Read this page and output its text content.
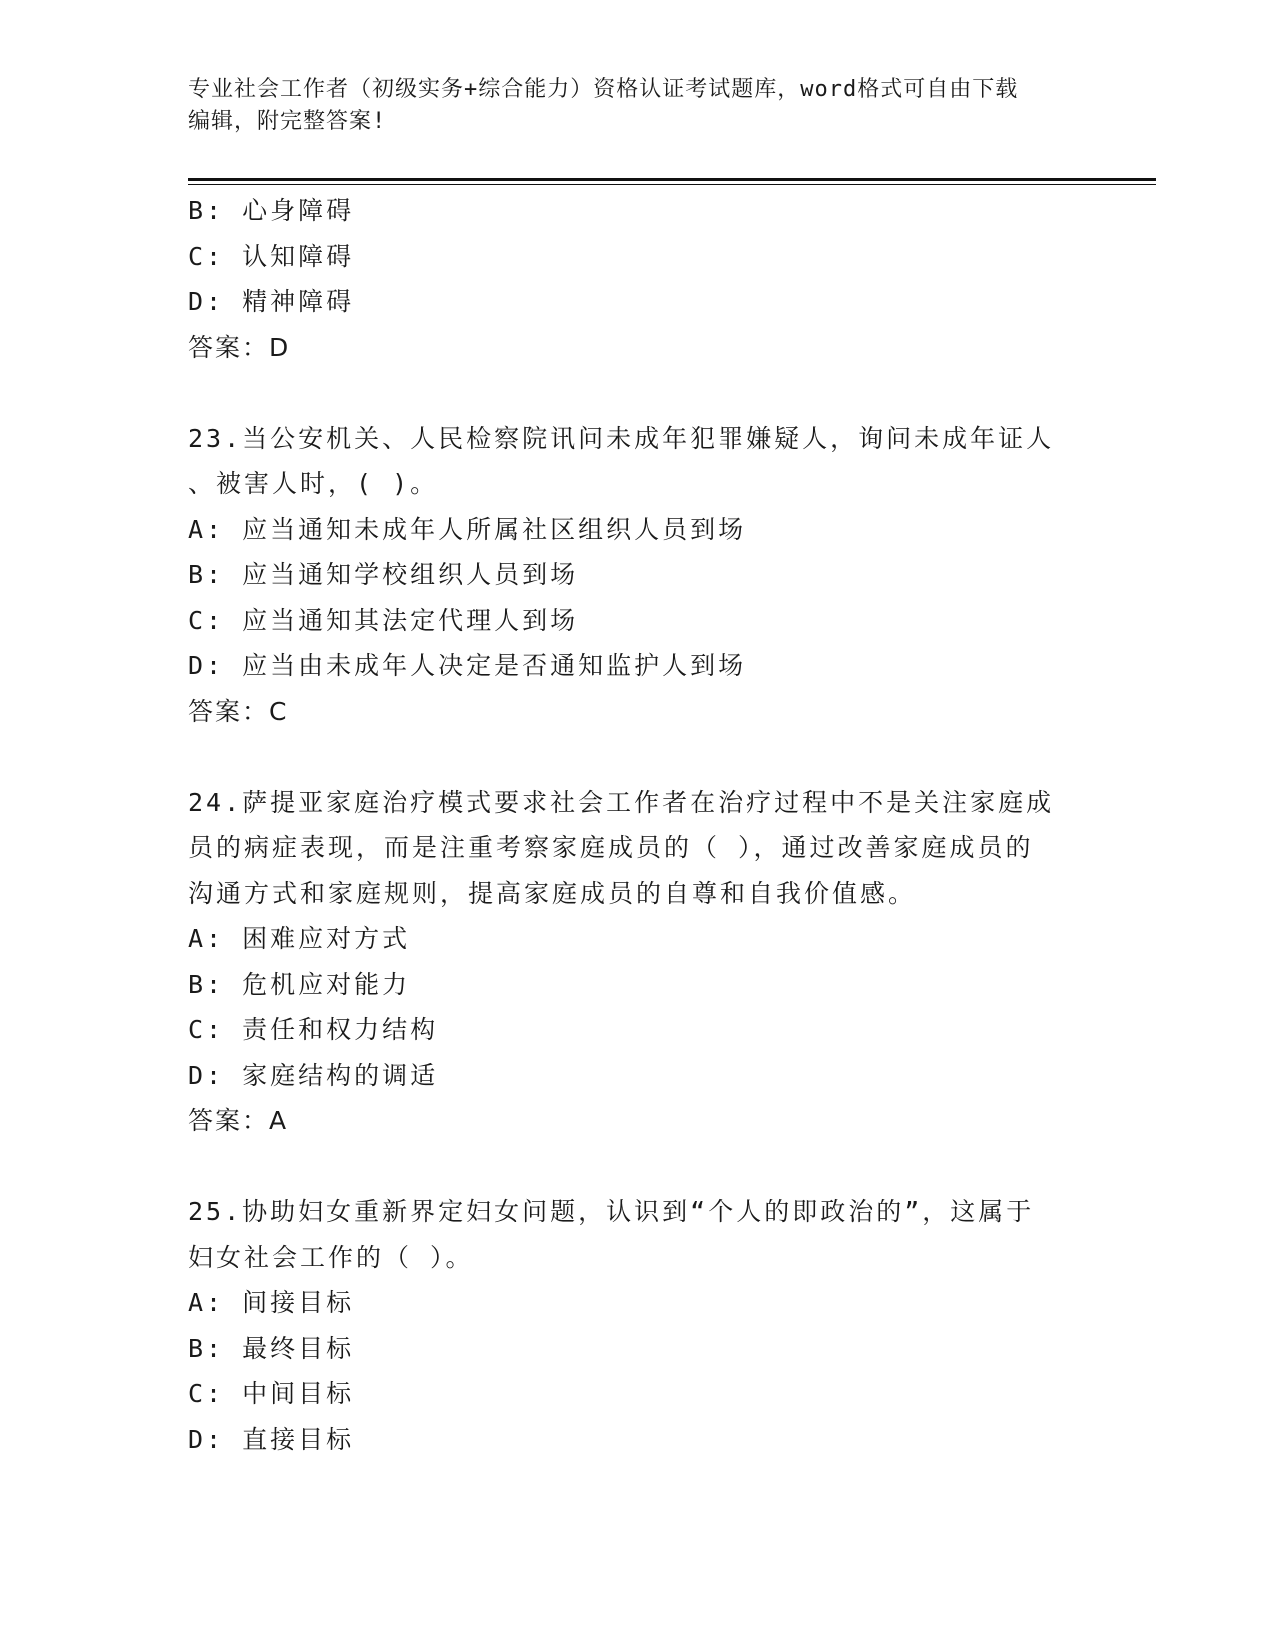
专业社会工作者（初级实务+综合能力）资格认证考试题库，word格式可自由下载
编辑，附完整答案!
B: 心身障碍
C: 认知障碍
D: 精神障碍
答案：D
23.当公安机关、人民检察院讯问未成年犯罪嫌疑人，询问未成年证人
、被害人时，( )。
A: 应当通知未成年人所属社区组织人员到场
B: 应当通知学校组织人员到场
C: 应当通知其法定代理人到场
D: 应当由未成年人决定是否通知监护人到场
答案：C
24.萨提亚家庭治疗模式要求社会工作者在治疗过程中不是关注家庭成
员的病症表现，而是注重考察家庭成员的（ ），通过改善家庭成员的
沟通方式和家庭规则，提高家庭成员的自尊和自我价值感。
A: 困难应对方式
B: 危机应对能力
C: 责任和权力结构
D: 家庭结构的调适
答案：A
25.协助妇女重新界定妇女问题，认识到“个人的即政治的”，这属于
妇女社会工作的（ ）。
A: 间接目标
B: 最终目标
C: 中间目标
D: 直接目标
